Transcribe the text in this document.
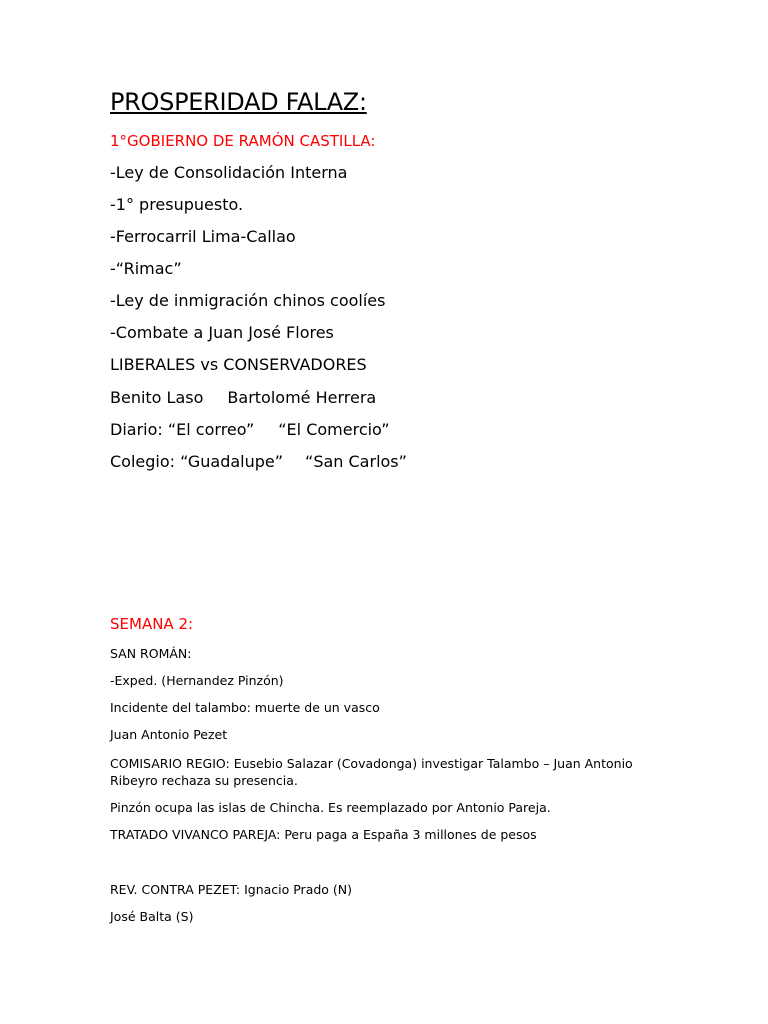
PROSPERIDAD FALAZ:
1°GOBIERNO DE RAMÓN CASTILLA:
-Ley de Consolidación Interna
-1° presupuesto.
-Ferrocarril Lima-Callao
-“Rimac”
-Ley de inmigración chinos coolíes
-Combate a Juan José Flores
LIBERALES vs CONSERVADORES
Benito Laso Bartolomé Herrera
Diario: “El correo” “El Comercio”
Colegio: “Guadalupe” “San Carlos”
SEMANA 2:
SAN ROMÁN:
-Exped. (Hernandez Pinzón)
Incidente del talambo: muerte de un vasco
Juan Antonio Pezet
COMISARIO REGIO: Eusebio Salazar (Covadonga) investigar Talambo – Juan Antonio Ribeyro rechaza su presencia.
Pinzón ocupa las islas de Chincha. Es reemplazado por Antonio Pareja.
TRATADO VIVANCO PAREJA: Peru paga a España 3 millones de pesos
REV. CONTRA PEZET: Ignacio Prado (N)
José Balta (S)
